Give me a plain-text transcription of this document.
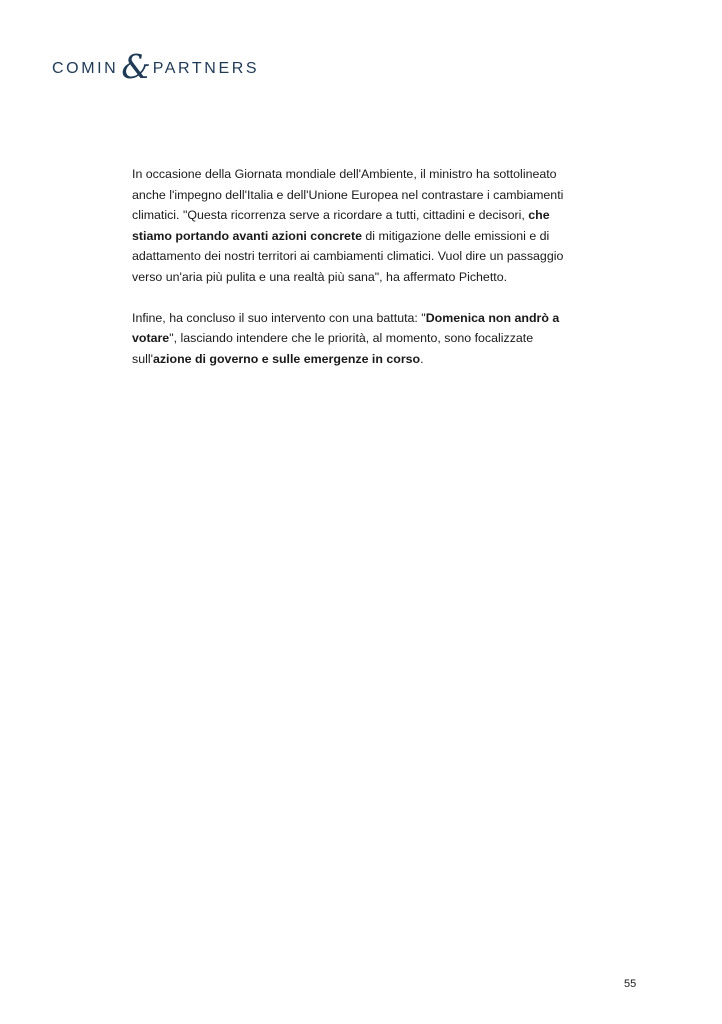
COMIN & PARTNERS

In occasione della Giornata mondiale dell'Ambiente, il ministro ha sottolineato anche l'impegno dell'Italia e dell'Unione Europea nel contrastare i cambiamenti climatici. "Questa ricorrenza serve a ricordare a tutti, cittadini e decisori, che stiamo portando avanti azioni concrete di mitigazione delle emissioni e di adattamento dei nostri territori ai cambiamenti climatici. Vuol dire un passaggio verso un'aria più pulita e una realtà più sana", ha affermato Pichetto.

Infine, ha concluso il suo intervento con una battuta: "Domenica non andrò a votare", lasciando intendere che le priorità, al momento, sono focalizzate sull'azione di governo e sulle emergenze in corso.

55
